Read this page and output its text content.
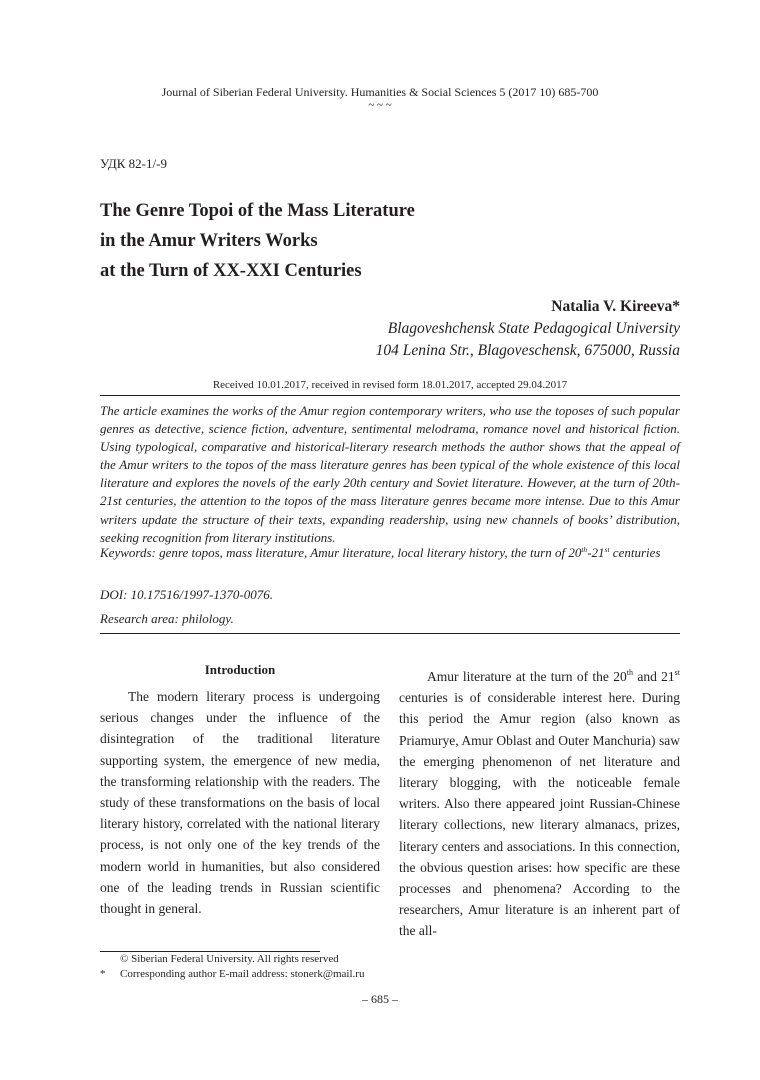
Journal of Siberian Federal University. Humanities & Social Sciences 5 (2017 10) 685-700
~ ~ ~
УДК 82-1/-9
The Genre Topoi of the Mass Literature
in the Amur Writers Works
at the Turn of XX-XXI Centuries
Natalia V. Kireeva*
Blagoveshchensk State Pedagogical University
104 Lenina Str., Blagoveschensk, 675000, Russia
Received 10.01.2017, received in revised form 18.01.2017, accepted 29.04.2017
The article examines the works of the Amur region contemporary writers, who use the toposes of such popular genres as detective, science fiction, adventure, sentimental melodrama, romance novel and historical fiction. Using typological, comparative and historical-literary research methods the author shows that the appeal of the Amur writers to the topos of the mass literature genres has been typical of the whole existence of this local literature and explores the novels of the early 20th century and Soviet literature. However, at the turn of 20th-21st centuries, the attention to the topos of the mass literature genres became more intense. Due to this Amur writers update the structure of their texts, expanding readership, using new channels of books’ distribution, seeking recognition from literary institutions.
Keywords: genre topos, mass literature, Amur literature, local literary history, the turn of 20th-21st centuries
DOI: 10.17516/1997-1370-0076.
Research area: philology.
Introduction

The modern literary process is undergoing serious changes under the influence of the disintegration of the traditional literature supporting system, the emergence of new media, the transforming relationship with the readers. The study of these transformations on the basis of local literary history, correlated with the national literary process, is not only one of the key trends of the modern world in humanities, but also considered one of the leading trends in Russian scientific thought in general.

Amur literature at the turn of the 20th and 21st centuries is of considerable interest here. During this period the Amur region (also known as Priamurye, Amur Oblast and Outer Manchuria) saw the emerging phenomenon of net literature and literary blogging, with the noticeable female writers. Also there appeared joint Russian-Chinese literary collections, new literary almanacs, prizes, literary centers and associations. In this connection, the obvious question arises: how specific are these processes and phenomena? According to the researchers, Amur literature is an inherent part of the all-

© Siberian Federal University. All rights reserved
* Corresponding author E-mail address: stonerk@mail.ru
– 685 –
